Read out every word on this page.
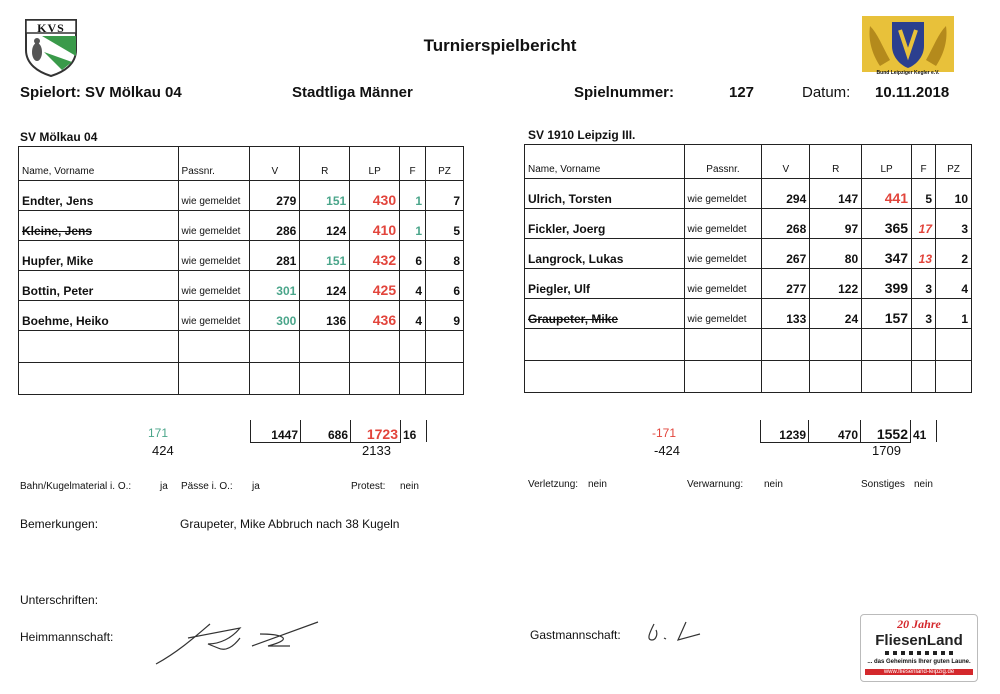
KVS
Bund Leipziger Kegler e.V.
Turnierspielbericht
Spielort: SV Mölkau 04	Stadtliga Männer	Spielnummer:	127	Datum: 10.11.2018
SV Mölkau 04	SV 1910 Leipzig III.
Name, Vorname	Passnr.	V	R	LP	F	PZ
Endter, Jens	wie gemeldet	279	151	430	1	7
Kleine, Jens	wie gemeldet	286	124	410	1	5
Hupfer, Mike	wie gemeldet	281	151	432	6	8
Bottin, Peter	wie gemeldet	301	124	425	4	6
Boehme, Heiko	wie gemeldet	300	136	436	4	9

Name, Vorname	Passnr.	V	R	LP	F	PZ
Ulrich, Torsten	wie gemeldet	294	147	441	5	10
Fickler, Joerg	wie gemeldet	268	97	365	17	3
Langrock, Lukas	wie gemeldet	267	80	347	13	2
Piegler, Ulf	wie gemeldet	277	122	399	3	4
Graupeter, Mike	wie gemeldet	133	24	157	3	1

171
424
1447	686	1723	16
2133
-171
-424
1239	470	1552	41
1709
Bahn/Kugelmaterial i. O.:	ja Pässe i. O.: ja	Protest: nein	Verletzung: nein	Verwarnung: nein	Sonstiges nein
Bemerkungen:	Graupeter, Mike Abbruch nach 38 Kugeln
Unterschriften:
Heimmannschaft:	Gastmannschaft:
20 Jahre
FliesenLand
... das Geheimnis Ihrer guten Laune.
www.fliesenland-leipzig.de
